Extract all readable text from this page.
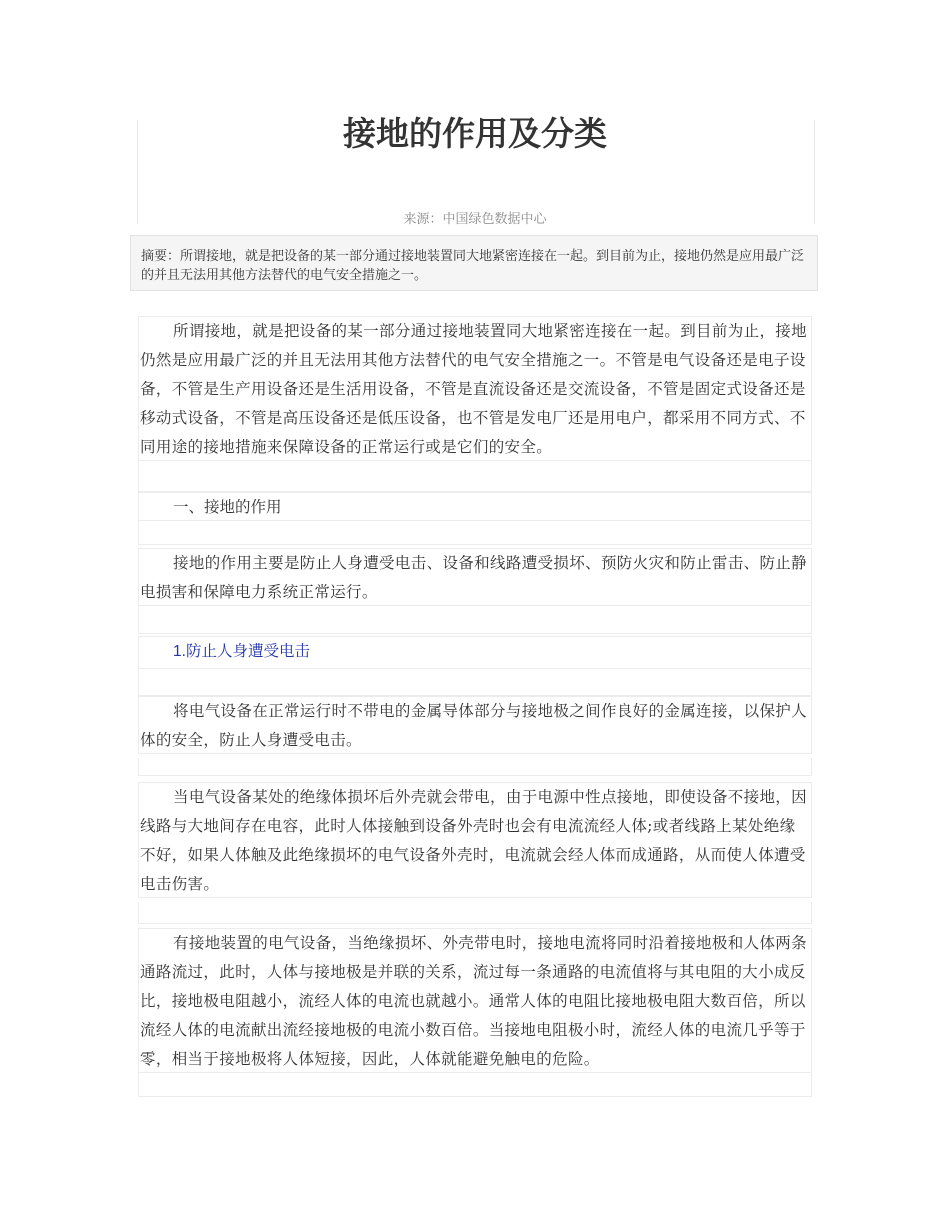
接地的作用及分类
来源：中国绿色数据中心
摘要：所谓接地，就是把设备的某一部分通过接地装置同大地紧密连接在一起。到目前为止，接地仍然是应用最广泛的并且无法用其他方法替代的电气安全措施之一。

所谓接地，就是把设备的某一部分通过接地装置同大地紧密连接在一起。到目前为止，接地仍然是应用最广泛的并且无法用其他方法替代的电气安全措施之一。不管是电气设备还是电子设备，不管是生产用设备还是生活用设备，不管是直流设备还是交流设备，不管是固定式设备还是移动式设备，不管是高压设备还是低压设备，也不管是发电厂还是用电户，都采用不同方式、不同用途的接地措施来保障设备的正常运行或是它们的安全。

一、接地的作用

接地的作用主要是防止人身遭受电击、设备和线路遭受损坏、预防火灾和防止雷击、防止静电损害和保障电力系统正常运行。

1.防止人身遭受电击

将电气设备在正常运行时不带电的金属导体部分与接地极之间作良好的金属连接，以保护人体的安全，防止人身遭受电击。

当电气设备某处的绝缘体损坏后外壳就会带电，由于电源中性点接地，即使设备不接地，因线路与大地间存在电容，此时人体接触到设备外壳时也会有电流流经人体;或者线路上某处绝缘不好，如果人体触及此绝缘损坏的电气设备外壳时，电流就会经人体而成通路，从而使人体遭受电击伤害。

有接地装置的电气设备，当绝缘损坏、外壳带电时，接地电流将同时沿着接地极和人体两条通路流过，此时，人体与接地极是并联的关系，流过每一条通路的电流值将与其电阻的大小成反比，接地极电阻越小，流经人体的电流也就越小。通常人体的电阻比接地极电阻大数百倍，所以流经人体的电流献出流经接地极的电流小数百倍。当接地电阻极小时，流经人体的电流几乎等于零，相当于接地极将人体短接，因此，人体就能避免触电的危险。
